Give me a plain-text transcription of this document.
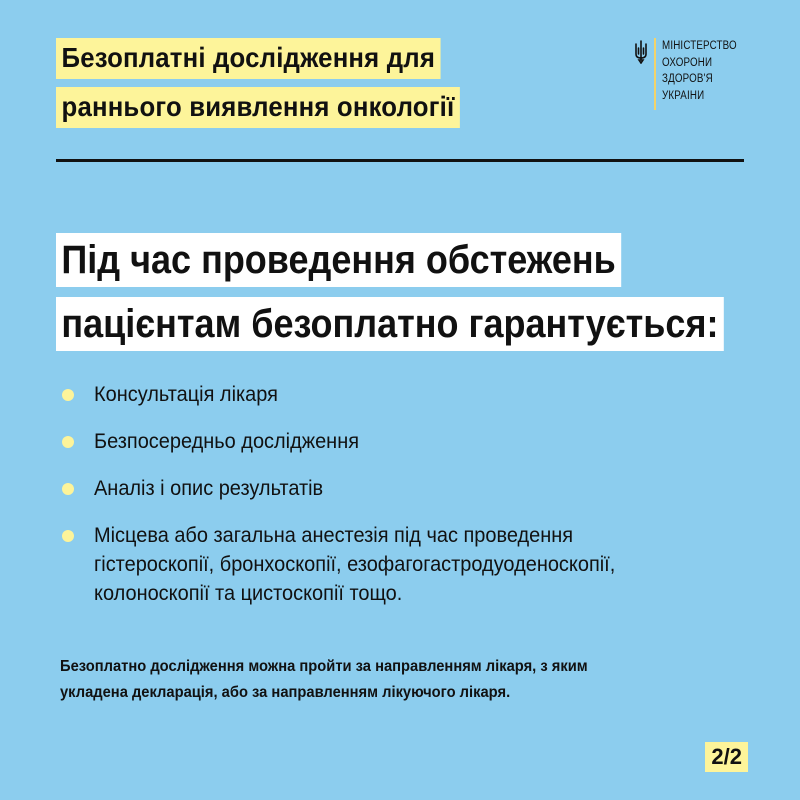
Безоплатні дослідження для
раннього виявлення онкології
МІНІСТЕРСТВО
ОХОРОНИ
ЗДОРОВ'Я
УКРАЇНИ
Під час проведення обстежень
пацієнтам безоплатно гарантується:
Консультація лікаря
Безпосередньо дослідження
Аналіз і опис результатів
Місцева або загальна анестезія під час проведення
гістероскопії, бронхоскопії, езофагогастродуоденоскопії,
колоноскопії та цистоскопії тощо.
Безоплатно дослідження можна пройти за направленням лікаря, з яким
укладена декларація, або за направленням лікуючого лікаря.
2/2
